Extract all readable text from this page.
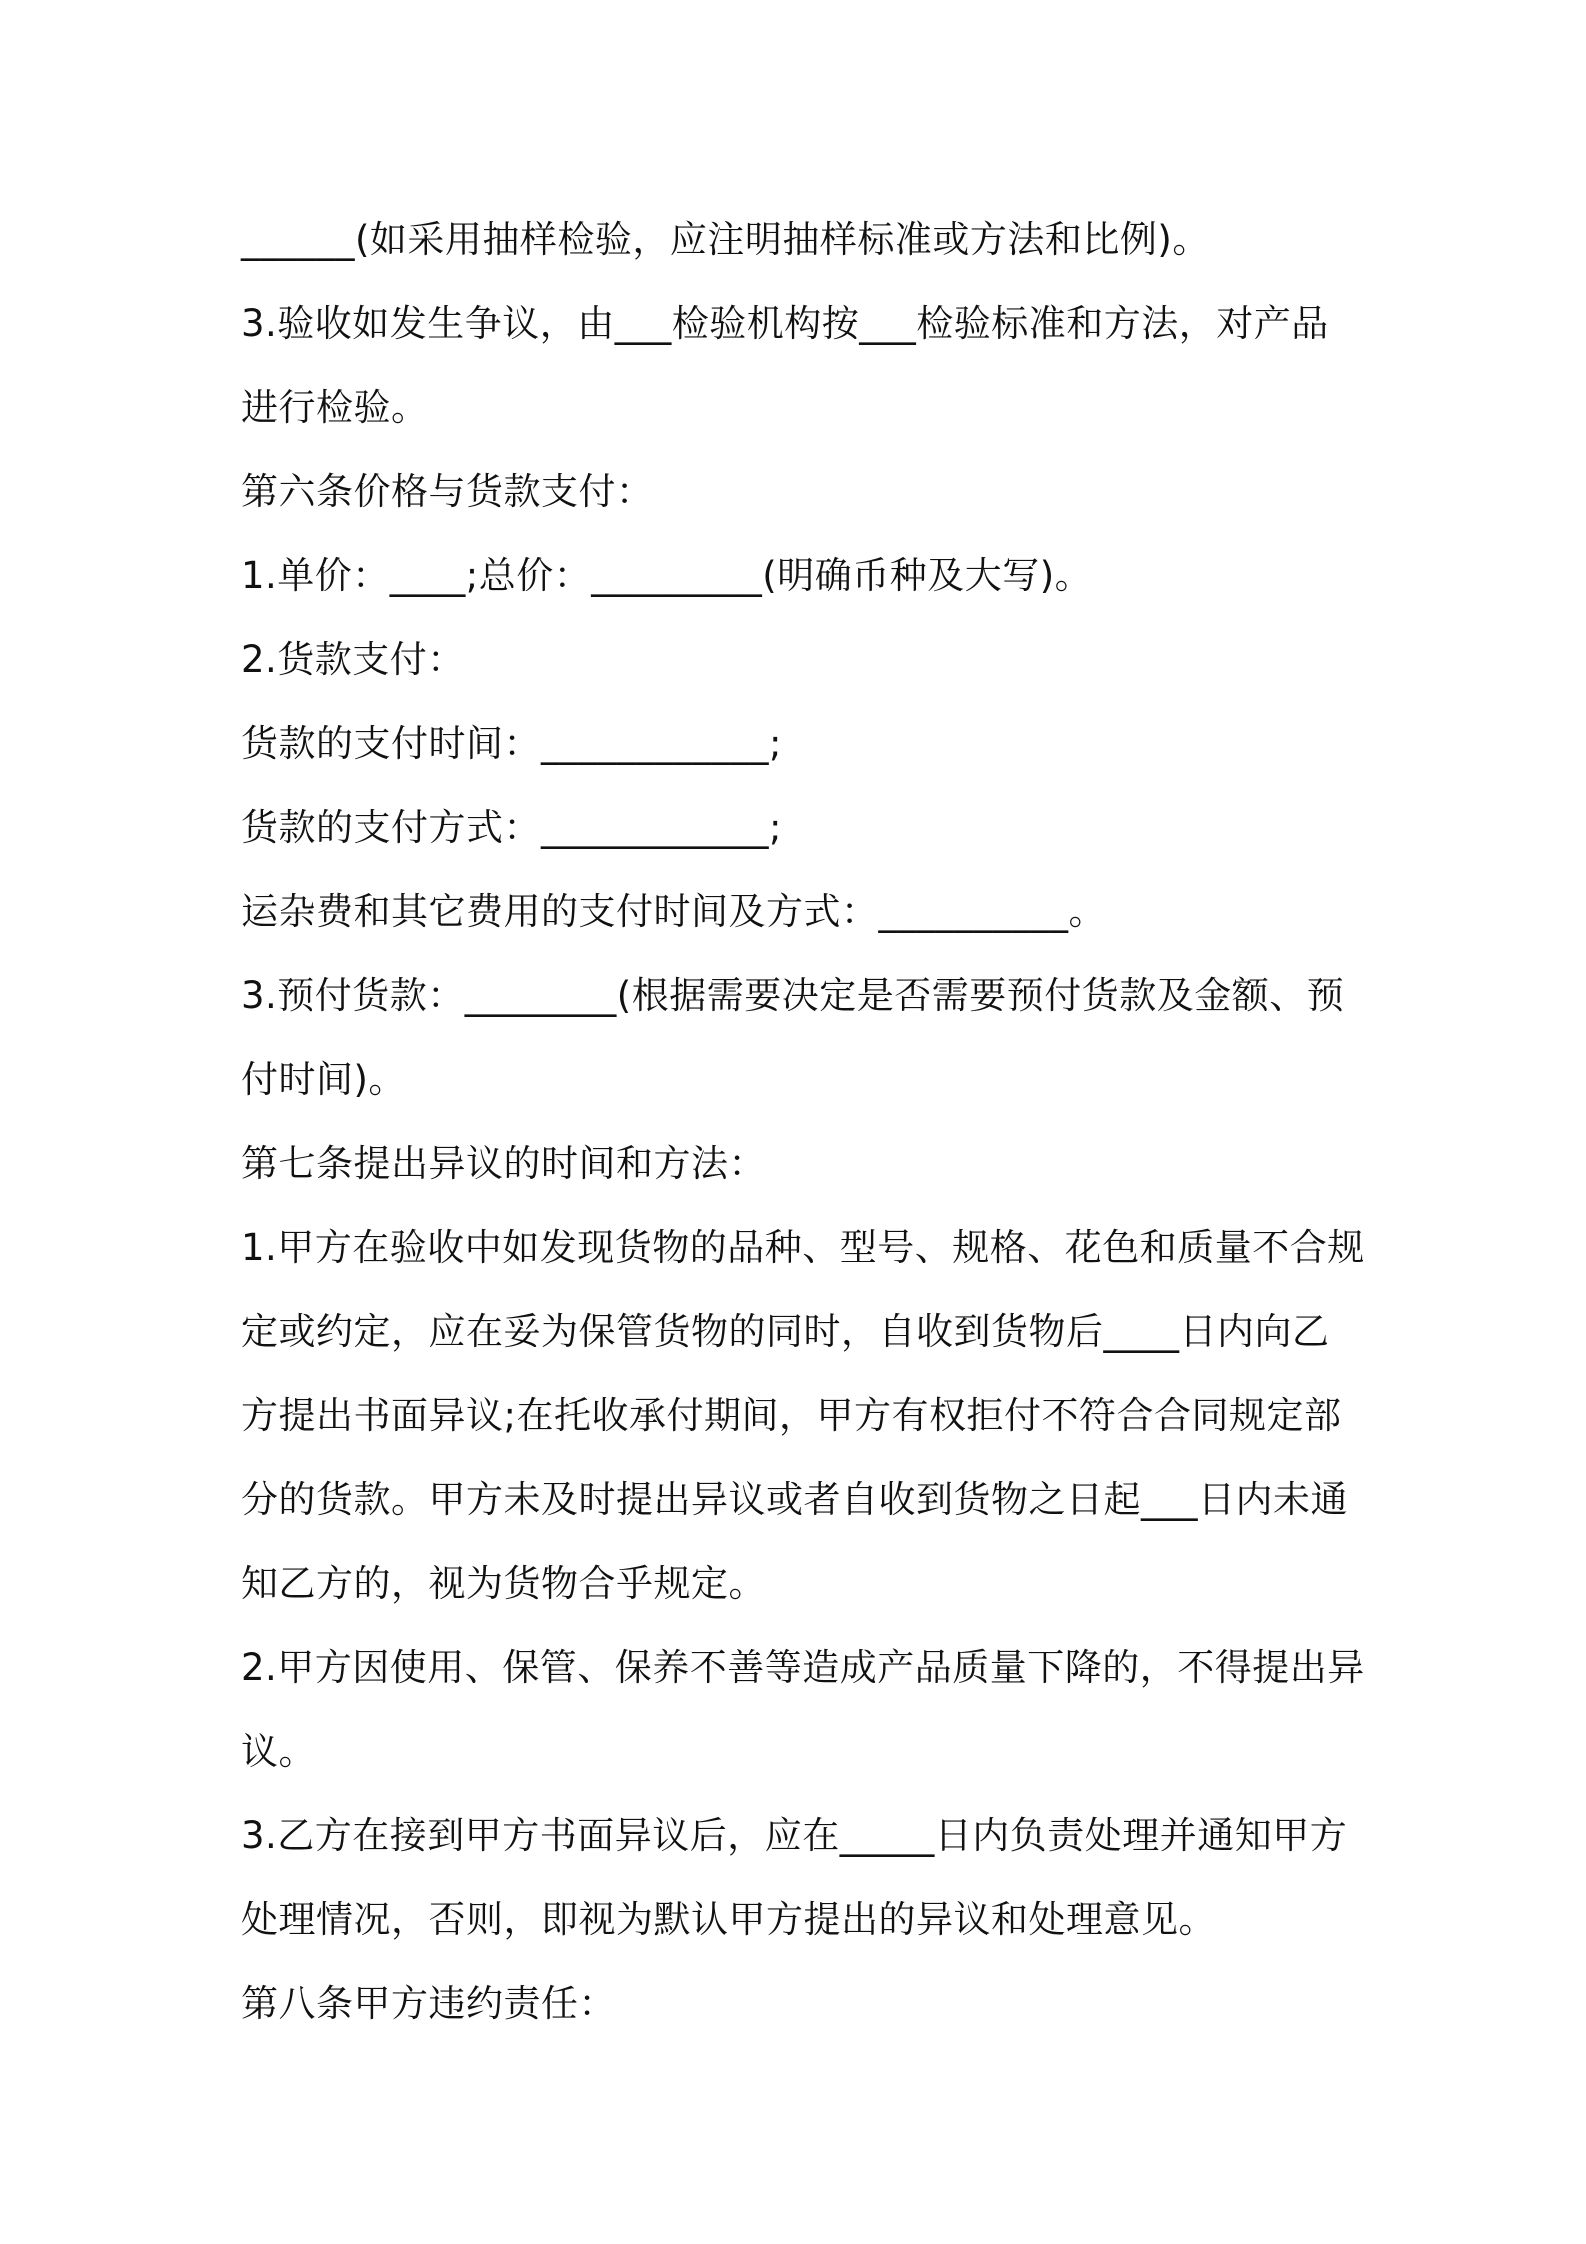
______(如采用抽样检验，应注明抽样标准或方法和比例)。
3.验收如发生争议，由___检验机构按___检验标准和方法，对产品
进行检验。
第六条价格与货款支付：
1.单价：____;总价：_________(明确币种及大写)。
2.货款支付：
货款的支付时间：____________;
货款的支付方式：____________;
运杂费和其它费用的支付时间及方式：__________。
3.预付货款：________(根据需要决定是否需要预付货款及金额、预
付时间)。
第七条提出异议的时间和方法：
1.甲方在验收中如发现货物的品种、型号、规格、花色和质量不合规
定或约定，应在妥为保管货物的同时，自收到货物后____日内向乙
方提出书面异议;在托收承付期间，甲方有权拒付不符合合同规定部
分的货款。甲方未及时提出异议或者自收到货物之日起___日内未通
知乙方的，视为货物合乎规定。
2.甲方因使用、保管、保养不善等造成产品质量下降的，不得提出异
议。
3.乙方在接到甲方书面异议后，应在_____日内负责处理并通知甲方
处理情况，否则，即视为默认甲方提出的异议和处理意见。
第八条甲方违约责任：
